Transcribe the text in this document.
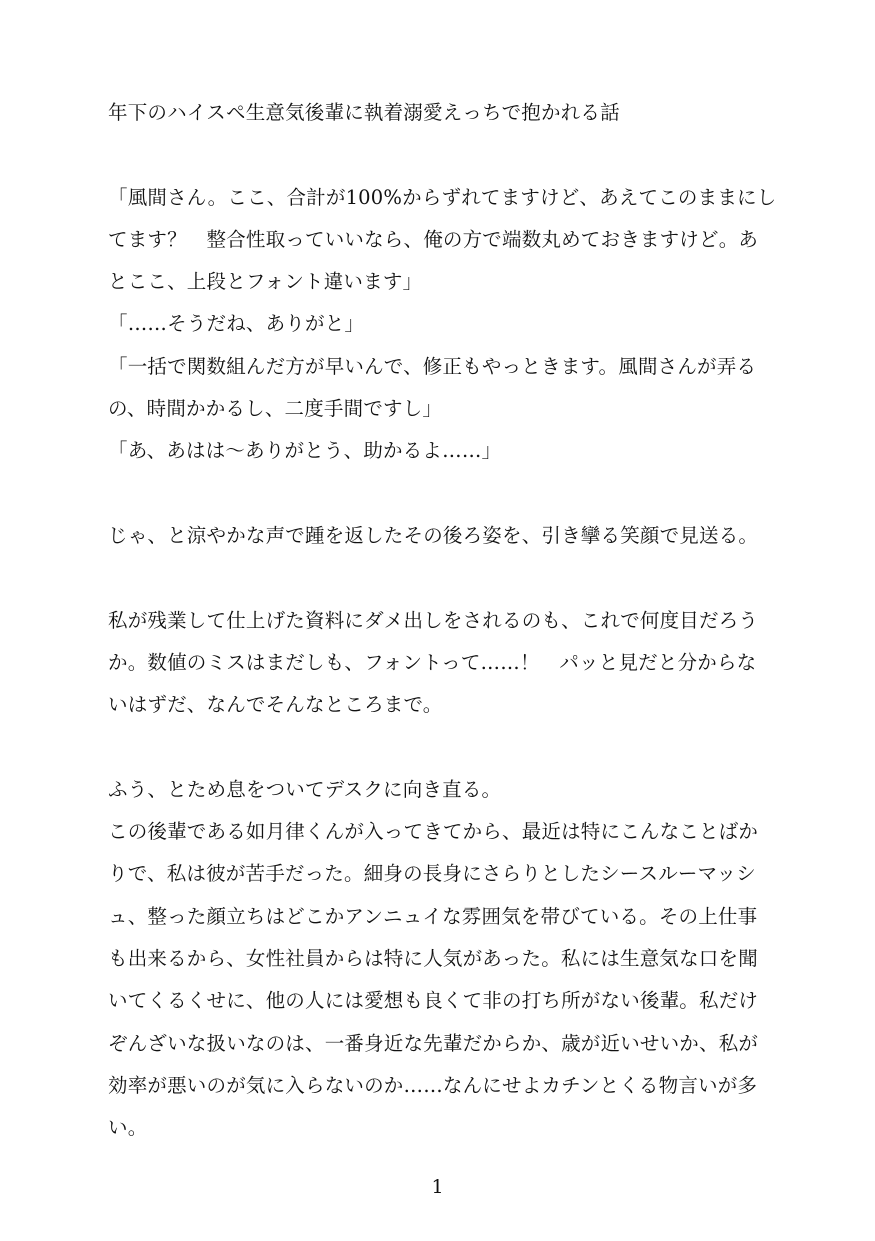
年下のハイスペ生意気後輩に執着溺愛えっちで抱かれる話
「風間さん。ここ、合計が100%からずれてますけど、あえてこのままにし
てます？　整合性取っていいなら、俺の方で端数丸めておきますけど。あ
とここ、上段とフォント違います」
「……そうだね、ありがと」
「一括で関数組んだ方が早いんで、修正もやっときます。風間さんが弄る
の、時間かかるし、二度手間ですし」
「あ、あはは〜ありがとう、助かるよ……」
じゃ、と涼やかな声で踵を返したその後ろ姿を、引き攣る笑顔で見送る。
私が残業して仕上げた資料にダメ出しをされるのも、これで何度目だろう
か。数値のミスはまだしも、フォントって……！　パッと見だと分からな
いはずだ、なんでそんなところまで。
ふう、とため息をついてデスクに向き直る。
この後輩である如月律くんが入ってきてから、最近は特にこんなことばか
りで、私は彼が苦手だった。細身の長身にさらりとしたシースルーマッシ
ュ、整った顔立ちはどこかアンニュイな雰囲気を帯びている。その上仕事
も出来るから、女性社員からは特に人気があった。私には生意気な口を聞
いてくるくせに、他の人には愛想も良くて非の打ち所がない後輩。私だけ
ぞんざいな扱いなのは、一番身近な先輩だからか、歳が近いせいか、私が
効率が悪いのが気に入らないのか……なんにせよカチンとくる物言いが多
い。
1
